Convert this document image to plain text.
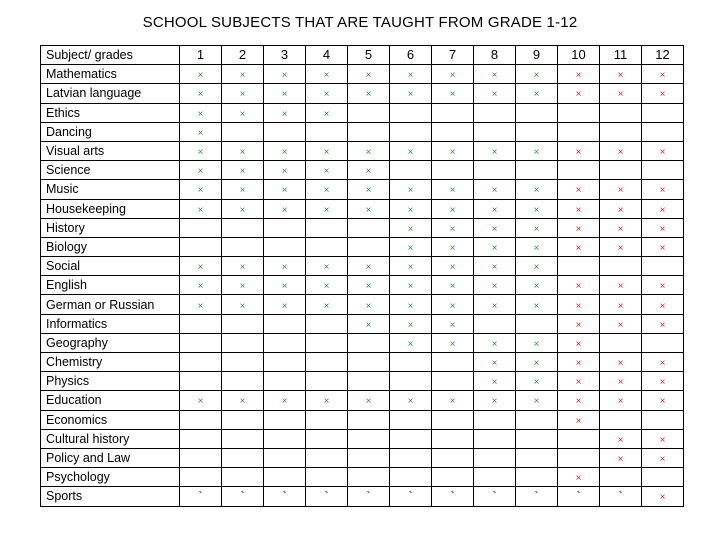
SCHOOL SUBJECTS THAT ARE TAUGHT FROM GRADE 1-12
Subject/ grades	1	2	3	4	5	6	7	8	9	10	11	12
Mathematics	×	×	×	×	×	×	×	×	×	×	×	×
Latvian language	×	×	×	×	×	×	×	×	×	×	×	×
Ethics	×	×	×	×								
Dancing	×											
Visual arts	×	×	×	×	×	×	×	×	×	×	×	×
Science	×	×	×	×	×							
Music	×	×	×	×	×	×	×	×	×	×	×	×
Housekeeping	×	×	×	×	×	×	×	×	×	×	×	×
History						×	×	×	×	×	×	×
Biology						×	×	×	×	×	×	×
Social	×	×	×	×	×	×	×	×	×			
English	×	×	×	×	×	×	×	×	×	×	×	×
German or Russian	×	×	×	×	×	×	×	×	×	×	×	×
Informatics					×	×	×			×	×	×
Geography						×	×	×	×	×		
Chemistry								×	×	×	×	×
Physics								×	×	×	×	×
Education	×	×	×	×	×	×	×	×	×	×	×	×
Economics										×		
Cultural history											×	×
Policy and Law											×	×
Psychology										×		
Sports	`	`	`	`	`	`	`	`	`	`	`	×
